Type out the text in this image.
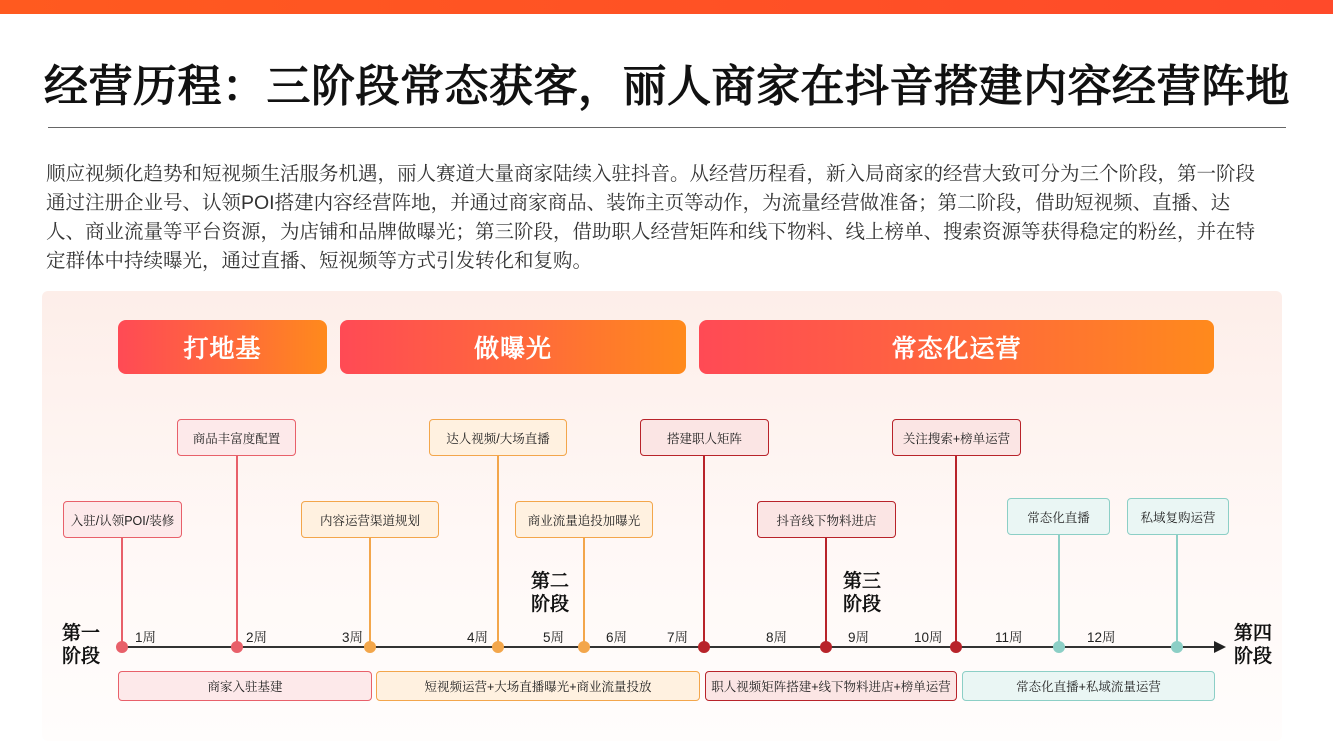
经营历程：三阶段常态获客，丽人商家在抖音搭建内容经营阵地
顺应视频化趋势和短视频生活服务机遇，丽人赛道大量商家陆续入驻抖音。从经营历程看，新入局商家的经营大致可分为三个阶段，第一阶段通过注册企业号、认领POI搭建内容经营阵地，并通过商家商品、装饰主页等动作，为流量经营做准备；第二阶段，借助短视频、直播、达人、商业流量等平台资源，为店铺和品牌做曝光；第三阶段，借助职人经营矩阵和线下物料、线上榜单、搜索资源等获得稳定的粉丝，并在特定群体中持续曝光，通过直播、短视频等方式引发转化和复购。
打地基	做曝光	常态化运营
入驻/认领POI/装修
商品丰富度配置
内容运营渠道规划
达人视频/大场直播
商业流量追投加曝光
搭建职人矩阵
抖音线下物料进店
关注搜索+榜单运营
常态化直播	私域复购运营
1周	2周	3周	4周	5周	6周	7周	8周	9周	10周	11周	12周
第一
阶段
第二
阶段
第三
阶段
第四
阶段
商家入驻基建	短视频运营+大场直播曝光+商业流量投放	职人视频矩阵搭建+线下物料进店+榜单运营	常态化直播+私域流量运营
